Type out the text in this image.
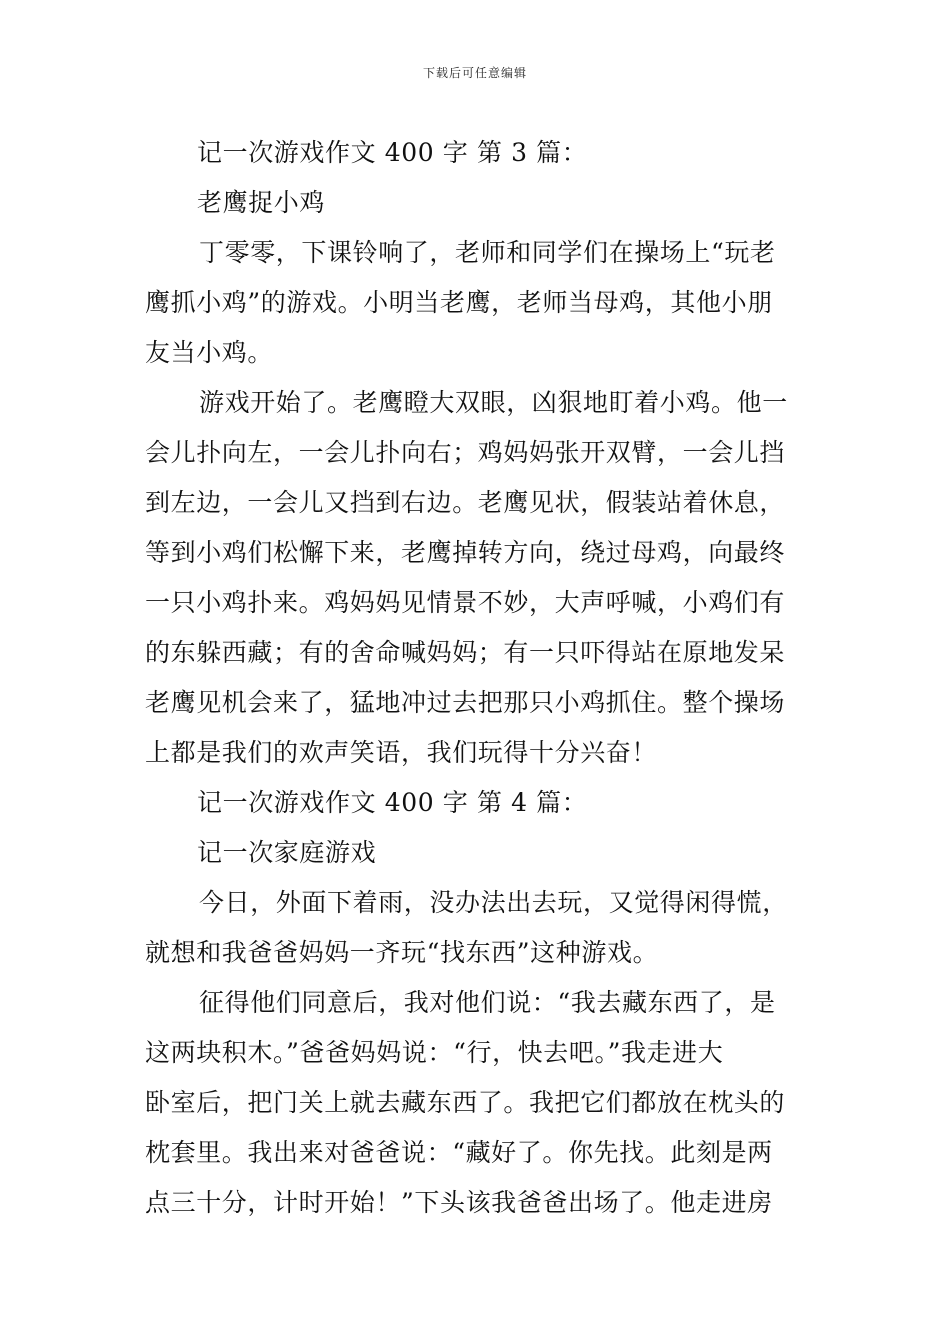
下载后可任意编辑
记一次游戏作文 400 字 第 3 篇：
老鹰捉小鸡
丁零零，下课铃响了，老师和同学们在操场上“玩老
鹰抓小鸡”的游戏。小明当老鹰，老师当母鸡，其他小朋
友当小鸡。
游戏开始了。老鹰瞪大双眼，凶狠地盯着小鸡。他一
会儿扑向左，一会儿扑向右；鸡妈妈张开双臂，一会儿挡
到左边，一会儿又挡到右边。老鹰见状，假装站着休息，
等到小鸡们松懈下来，老鹰掉转方向，绕过母鸡，向最终
一只小鸡扑来。鸡妈妈见情景不妙，大声呼喊，小鸡们有
的东躲西藏；有的舍命喊妈妈；有一只吓得站在原地发呆
老鹰见机会来了，猛地冲过去把那只小鸡抓住。整个操场
上都是我们的欢声笑语，我们玩得十分兴奋！
记一次游戏作文 400 字 第 4 篇：
记一次家庭游戏
今日，外面下着雨，没办法出去玩，又觉得闲得慌，
就想和我爸爸妈妈一齐玩“找东西”这种游戏。
征得他们同意后，我对他们说：“我去藏东西了，是
这两块积木。”爸爸妈妈说：“行，快去吧。”我走进大
卧室后，把门关上就去藏东西了。我把它们都放在枕头的
枕套里。我出来对爸爸说：“藏好了。你先找。此刻是两
点三十分，计时开始！”下头该我爸爸出场了。他走进房
